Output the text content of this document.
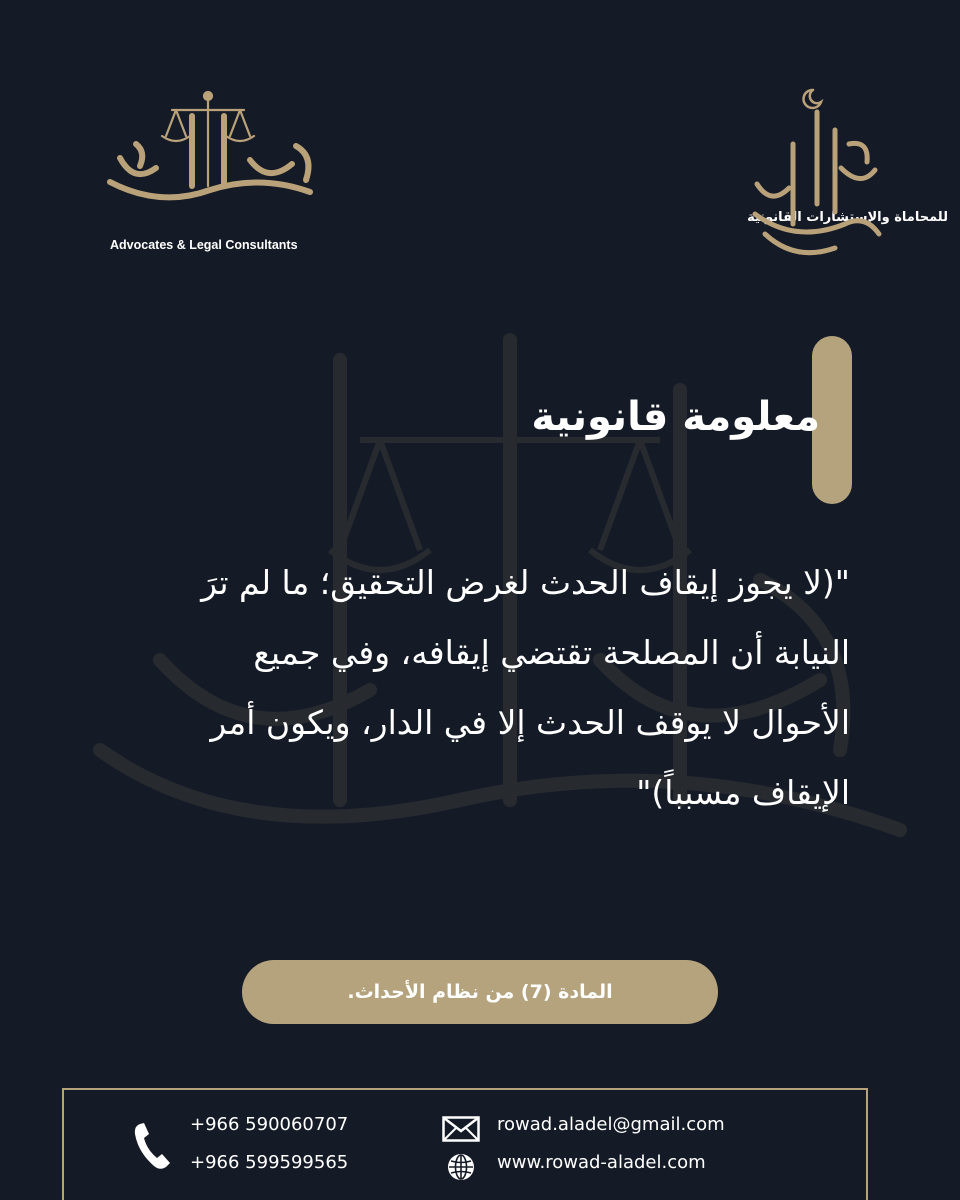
للمحاماة والإستشارات القانونية
Advocates & Legal Consultants
رمضان مبارك
معلومة قانونية
"(لا يجوز إيقاف الحدث لغرض التحقيق؛ ما لم ترَ
النيابة أن المصلحة تقتضي إيقافه، وفي جميع
الأحوال لا يوقف الحدث إلا في الدار، ويكون أمر
الإيقاف مسبباً)"
المادة (7) من نظام الأحداث.
+966 590060707
+966 599599565
rowad.aladel@gmail.com
www.rowad-aladel.com
